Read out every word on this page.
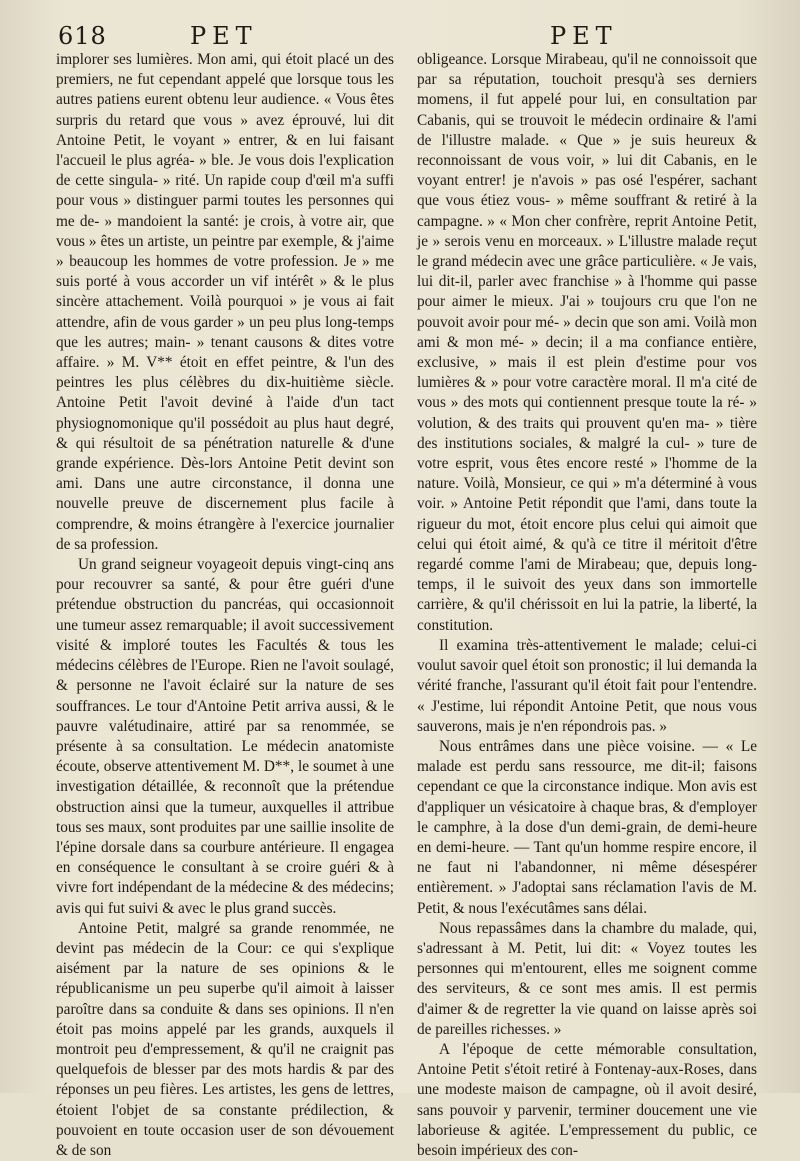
618	PET	PET

implorer ses lumières. Mon ami, qui étoit placé un des premiers, ne fut cependant appelé que lorsque tous les autres patiens eurent obtenu leur audience. « Vous êtes surpris du retard que vous » avez éprouvé, lui dit Antoine Petit, le voyant » entrer, & en lui faisant l'accueil le plus agréa- » ble. Je vous dois l'explication de cette singula- » rité. Un rapide coup d'œil m'a suffi pour vous » distinguer parmi toutes les personnes qui me de- » mandoient la santé: je crois, à votre air, que vous » êtes un artiste, un peintre par exemple, & j'aime » beaucoup les hommes de votre profession. Je » me suis porté à vous accorder un vif intérêt » & le plus sincère attachement. Voilà pourquoi » je vous ai fait attendre, afin de vous garder » un peu plus long-temps que les autres; main- » tenant causons & dites votre affaire. » M. V** étoit en effet peintre, & l'un des peintres les plus célèbres du dix-huitième siècle. Antoine Petit l'avoit deviné à l'aide d'un tact physiognomonique qu'il possédoit au plus haut degré, & qui résultoit de sa pénétration naturelle & d'une grande expérience. Dès-lors Antoine Petit devint son ami. Dans une autre circonstance, il donna une nouvelle preuve de discernement plus facile à comprendre, & moins étrangère à l'exercice journalier de sa profession.

Un grand seigneur voyageoit depuis vingt-cinq ans pour recouvrer sa santé, & pour être guéri d'une prétendue obstruction du pancréas, qui occasionnoit une tumeur assez remarquable; il avoit successivement visité & imploré toutes les Facultés & tous les médecins célèbres de l'Europe. Rien ne l'avoit soulagé, & personne ne l'avoit éclairé sur la nature de ses souffrances. Le tour d'Antoine Petit arriva aussi, & le pauvre valétudinaire, attiré par sa renommée, se présente à sa consultation. Le médecin anatomiste écoute, observe attentivement M. D**, le soumet à une investigation détaillée, & reconnoît que la prétendue obstruction ainsi que la tumeur, auxquelles il attribue tous ses maux, sont produites par une saillie insolite de l'épine dorsale dans sa courbure antérieure. Il engagea en conséquence le consultant à se croire guéri & à vivre fort indépendant de la médecine & des médecins; avis qui fut suivi & avec le plus grand succès.

Antoine Petit, malgré sa grande renommée, ne devint pas médecin de la Cour: ce qui s'explique aisément par la nature de ses opinions & le républicanisme un peu superbe qu'il aimoit à laisser paroître dans sa conduite & dans ses opinions. Il n'en étoit pas moins appelé par les grands, auxquels il montroit peu d'empressement, & qu'il ne craignit pas quelquefois de blesser par des mots hardis & par des réponses un peu fières. Les artistes, les gens de lettres, étoient l'objet de sa constante prédilection, & pouvoient en toute occasion user de son dévouement & de son

obligeance. Lorsque Mirabeau, qu'il ne connoissoit que par sa réputation, touchoit presqu'à ses derniers momens, il fut appelé pour lui, en consultation par Cabanis, qui se trouvoit le médecin ordinaire & l'ami de l'illustre malade. « Que » je suis heureux & reconnoissant de vous voir, » lui dit Cabanis, en le voyant entrer! je n'avois » pas osé l'espérer, sachant que vous étiez vous- » même souffrant & retiré à la campagne. » « Mon cher confrère, reprit Antoine Petit, je » serois venu en morceaux. » L'illustre malade reçut le grand médecin avec une grâce particulière. « Je vais, lui dit-il, parler avec franchise » à l'homme qui passe pour aimer le mieux. J'ai » toujours cru que l'on ne pouvoit avoir pour mé- » decin que son ami. Voilà mon ami & mon mé- » decin; il a ma confiance entière, exclusive, » mais il est plein d'estime pour vos lumières & » pour votre caractère moral. Il m'a cité de vous » des mots qui contiennent presque toute la ré- » volution, & des traits qui prouvent qu'en ma- » tière des institutions sociales, & malgré la cul- » ture de votre esprit, vous êtes encore resté » l'homme de la nature. Voilà, Monsieur, ce qui » m'a déterminé à vous voir. » Antoine Petit répondit que l'ami, dans toute la rigueur du mot, étoit encore plus celui qui aimoit que celui qui étoit aimé, & qu'à ce titre il méritoit d'être regardé comme l'ami de Mirabeau; que, depuis long-temps, il le suivoit des yeux dans son immortelle carrière, & qu'il chérissoit en lui la patrie, la liberté, la constitution.

Il examina très-attentivement le malade; celui-ci voulut savoir quel étoit son pronostic; il lui demanda la vérité franche, l'assurant qu'il étoit fait pour l'entendre. « J'estime, lui répondit Antoine Petit, que nous vous sauverons, mais je n'en répondrois pas. »

Nous entrâmes dans une pièce voisine. — « Le malade est perdu sans ressource, me dit-il; faisons cependant ce que la circonstance indique. Mon avis est d'appliquer un vésicatoire à chaque bras, & d'employer le camphre, à la dose d'un demi-grain, de demi-heure en demi-heure. — Tant qu'un homme respire encore, il ne faut ni l'abandonner, ni même désespérer entièrement. » J'adoptai sans réclamation l'avis de M. Petit, & nous l'exécutâmes sans délai.

Nous repassâmes dans la chambre du malade, qui, s'adressant à M. Petit, lui dit: « Voyez toutes les personnes qui m'entourent, elles me soignent comme des serviteurs, & ce sont mes amis. Il est permis d'aimer & de regretter la vie quand on laisse après soi de pareilles richesses. »

A l'époque de cette mémorable consultation, Antoine Petit s'étoit retiré à Fontenay-aux-Roses, dans une modeste maison de campagne, où il avoit desiré, sans pouvoir y parvenir, terminer doucement une vie laborieuse & agitée. L'empressement du public, ce besoin impérieux des con-
